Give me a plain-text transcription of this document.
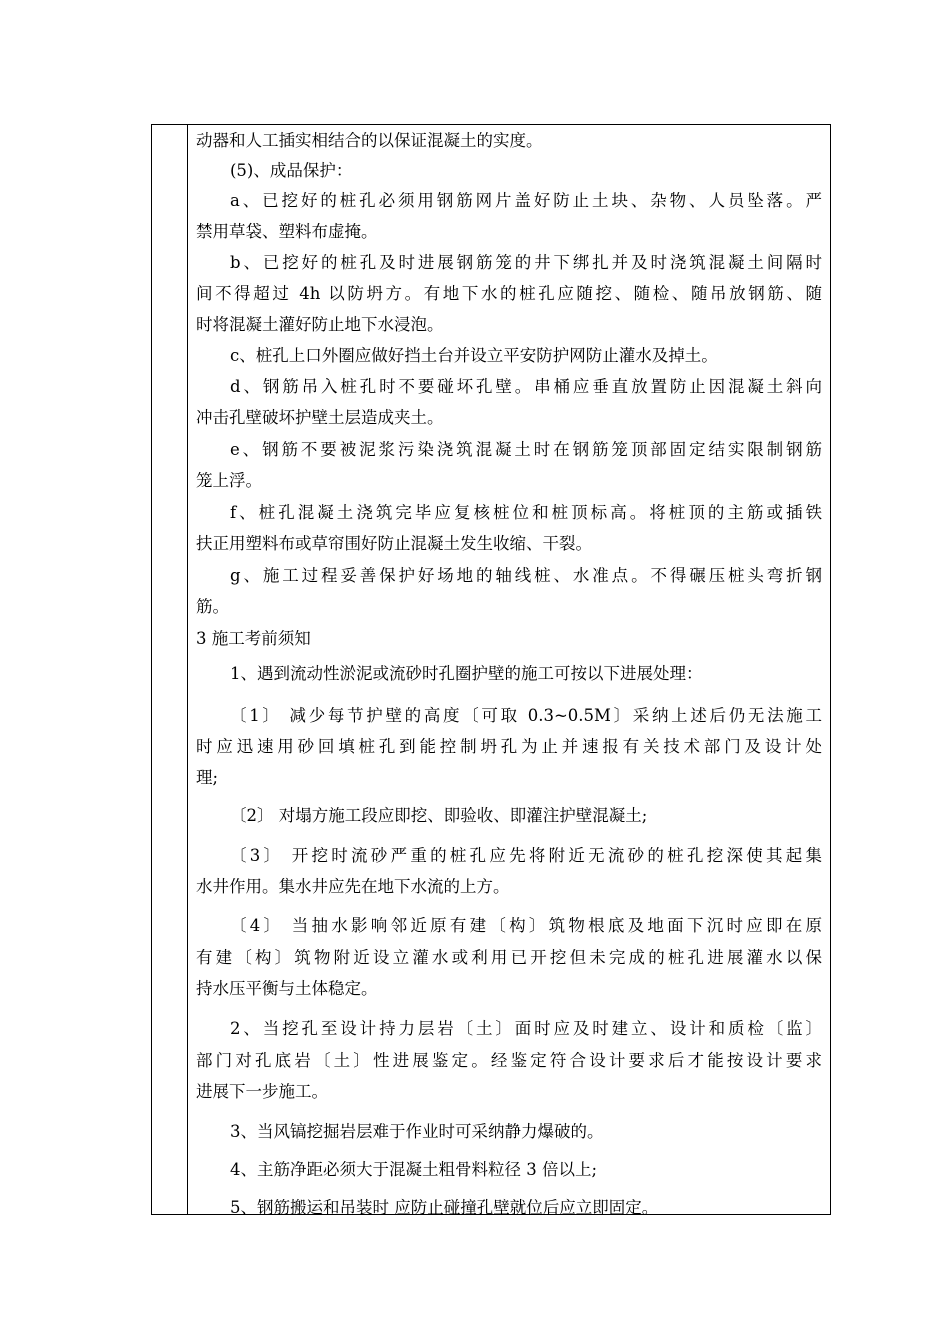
动器和人工插实相结合的以保证混凝土的实度。
(5)、成品保护：
a、已挖好的桩孔必须用钢筋网片盖好防止土块、杂物、人员坠落。严
禁用草袋、塑料布虚掩。
b、已挖好的桩孔及时进展钢筋笼的井下绑扎并及时浇筑混凝土间隔时
间不得超过 4h 以防坍方。有地下水的桩孔应随挖、随检、随吊放钢筋、随
时将混凝土灌好防止地下水浸泡。
c、桩孔上口外圈应做好挡土台并设立平安防护网防止灌水及掉土。
d、钢筋吊入桩孔时不要碰坏孔壁。串桶应垂直放置防止因混凝土斜向
冲击孔壁破坏护壁土层造成夹土。
e、钢筋不要被泥浆污染浇筑混凝土时在钢筋笼顶部固定结实限制钢筋
笼上浮。
f、桩孔混凝土浇筑完毕应复核桩位和桩顶标高。将桩顶的主筋或插铁
扶正用塑料布或草帘围好防止混凝土发生收缩、干裂。
g、施工过程妥善保护好场地的轴线桩、水准点。不得碾压桩头弯折钢
筋。
3 施工考前须知
1、遇到流动性淤泥或流砂时孔圈护壁的施工可按以下进展处理：
〔1〕 减少每节护壁的高度〔可取 0.3~0.5M〕采纳上述后仍无法施工
时应迅速用砂回填桩孔到能控制坍孔为止并速报有关技术部门及设计处
理;
〔2〕 对塌方施工段应即挖、即验收、即灌注护壁混凝土;
〔3〕 开挖时流砂严重的桩孔应先将附近无流砂的桩孔挖深使其起集
水井作用。集水井应先在地下水流的上方。
〔4〕 当抽水影响邻近原有建〔构〕筑物根底及地面下沉时应即在原
有建〔构〕筑物附近设立灌水或利用已开挖但未完成的桩孔进展灌水以保
持水压平衡与土体稳定。
2、当挖孔至设计持力层岩〔土〕面时应及时建立、设计和质检〔监〕
部门对孔底岩〔土〕性进展鉴定。经鉴定符合设计要求后才能按设计要求
进展下一步施工。
3、当风镐挖掘岩层难于作业时可采纳静力爆破的。
4、主筋净距必须大于混凝土粗骨料粒径 3 倍以上;
5、钢筋搬运和吊装时 应防止碰撞孔壁就位后应立即固定。
